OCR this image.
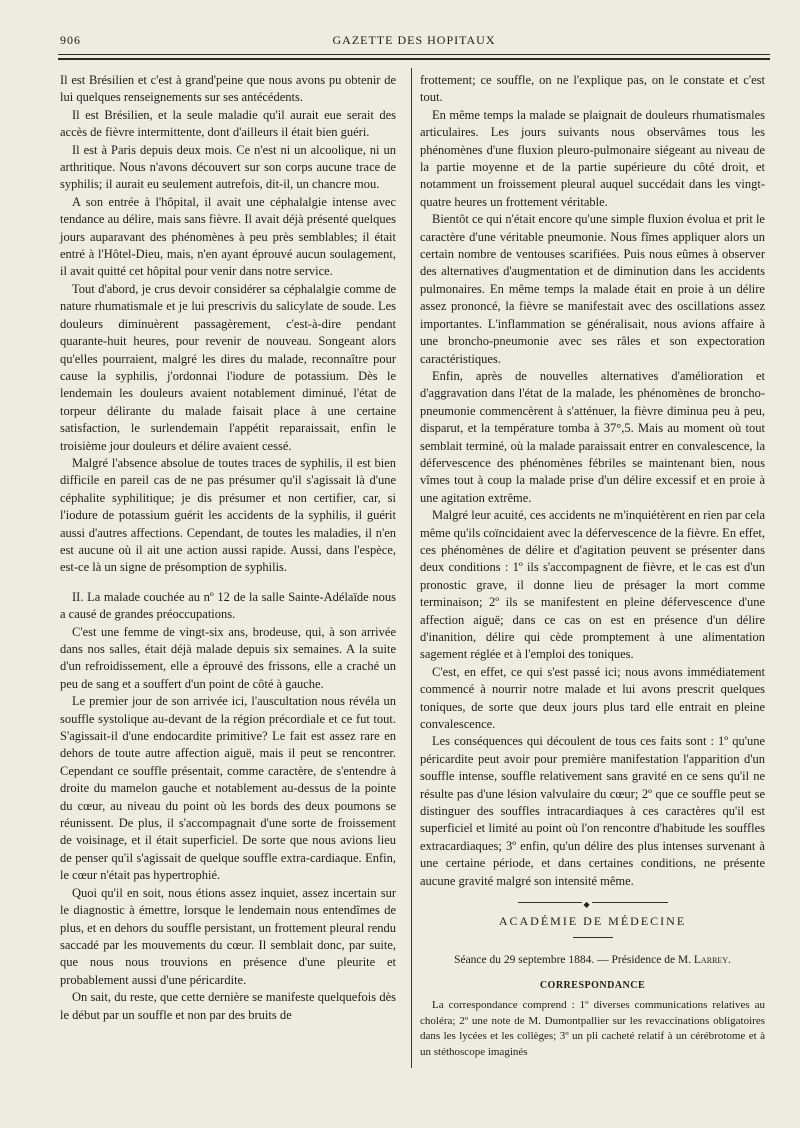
906	GAZETTE DES HOPITAUX

Il est Brésilien et c'est à grand'peine que nous avons pu obtenir de lui quelques renseignements sur ses antécédents.

Il est Brésilien, et la seule maladie qu'il aurait eue serait des accès de fièvre intermittente, dont d'ailleurs il était bien guéri.

Il est à Paris depuis deux mois. Ce n'est ni un alcoolique, ni un arthritique. Nous n'avons découvert sur son corps aucune trace de syphilis; il aurait eu seulement autrefois, dit-il, un chancre mou.

A son entrée à l'hôpital, il avait une céphalalgie intense avec tendance au délire, mais sans fièvre. Il avait déjà présenté quelques jours auparavant des phénomènes à peu près semblables; il était entré à l'Hôtel-Dieu, mais, n'en ayant éprouvé aucun soulagement, il avait quitté cet hôpital pour venir dans notre service.

Tout d'abord, je crus devoir considérer sa céphalalgie comme de nature rhumatismale et je lui prescrivis du salicylate de soude. Les douleurs diminuèrent passagèrement, c'est-à-dire pendant quarante-huit heures, pour revenir de nouveau. Songeant alors qu'elles pourraient, malgré les dires du malade, reconnaître pour cause la syphilis, j'ordonnai l'iodure de potassium. Dès le lendemain les douleurs avaient notablement diminué, l'état de torpeur délirante du malade faisait place à une certaine satisfaction, le surlendemain l'appétit reparaissait, enfin le troisième jour douleurs et délire avaient cessé.

Malgré l'absence absolue de toutes traces de syphilis, il est bien difficile en pareil cas de ne pas présumer qu'il s'agissait là d'une céphalite syphilitique; je dis présumer et non certifier, car, si l'iodure de potassium guérit les accidents de la syphilis, il guérit aussi d'autres affections. Cependant, de toutes les maladies, il n'en est aucune où il ait une action aussi rapide. Aussi, dans l'espèce, est-ce là un signe de présomption de syphilis.

II. La malade couchée au nº 12 de la salle Sainte-Adélaïde nous a causé de grandes préoccupations.

C'est une femme de vingt-six ans, brodeuse, qui, à son arrivée dans nos salles, était déjà malade depuis six semaines. A la suite d'un refroidissement, elle a éprouvé des frissons, elle a craché un peu de sang et a souffert d'un point de côté à gauche.

Le premier jour de son arrivée ici, l'auscultation nous révéla un souffle systolique au-devant de la région précordiale et ce fut tout. S'agissait-il d'une endocardite primitive? Le fait est assez rare en dehors de toute autre affection aiguë, mais il peut se rencontrer. Cependant ce souffle présentait, comme caractère, de s'entendre à droite du mamelon gauche et notablement au-dessus de la pointe du cœur, au niveau du point où les bords des deux poumons se réunissent. De plus, il s'accompagnait d'une sorte de froissement de voisinage, et il était superficiel. De sorte que nous avions lieu de penser qu'il s'agissait de quelque souffle extra-cardiaque. Enfin, le cœur n'était pas hypertrophié.

Quoi qu'il en soit, nous étions assez inquiet, assez incertain sur le diagnostic à émettre, lorsque le lendemain nous entendîmes de plus, et en dehors du souffle persistant, un frottement pleural rendu saccadé par les mouvements du cœur. Il semblait donc, par suite, que nous nous trouvions en présence d'une pleurite et probablement aussi d'une péricardite.

On sait, du reste, que cette dernière se manifeste quelquefois dès le début par un souffle et non par des bruits de

frottement; ce souffle, on ne l'explique pas, on le constate et c'est tout.

En même temps la malade se plaignait de douleurs rhumatismales articulaires. Les jours suivants nous observâmes tous les phénomènes d'une fluxion pleuro-pulmonaire siégeant au niveau de la partie moyenne et de la partie supérieure du côté droit, et notamment un froissement pleural auquel succédait dans les vingt-quatre heures un frottement véritable.

Bientôt ce qui n'était encore qu'une simple fluxion évolua et prit le caractère d'une véritable pneumonie. Nous fîmes appliquer alors un certain nombre de ventouses scarifiées. Puis nous eûmes à observer des alternatives d'augmentation et de diminution dans les accidents pulmonaires. En même temps la malade était en proie à un délire assez prononcé, la fièvre se manifestait avec des oscillations assez importantes. L'inflammation se généralisait, nous avions affaire à une broncho-pneumonie avec ses râles et son expectoration caractéristiques.

Enfin, après de nouvelles alternatives d'amélioration et d'aggravation dans l'état de la malade, les phénomènes de broncho-pneumonie commencèrent à s'atténuer, la fièvre diminua peu à peu, disparut, et la température tomba à 37°,5. Mais au moment où tout semblait terminé, où la malade paraissait entrer en convalescence, la défervescence des phénomènes fébriles se maintenant bien, nous vîmes tout à coup la malade prise d'un délire excessif et en proie à une agitation extrême.

Malgré leur acuité, ces accidents ne m'inquiétèrent en rien par cela même qu'ils coïncidaient avec la défervescence de la fièvre. En effet, ces phénomènes de délire et d'agitation peuvent se présenter dans deux conditions : 1º ils s'accompagnent de fièvre, et le cas est d'un pronostic grave, il donne lieu de présager la mort comme terminaison; 2º ils se manifestent en pleine défervescence d'une affection aiguë; dans ce cas on est en présence d'un délire d'inanition, délire qui cède promptement à une alimentation sagement réglée et à l'emploi des toniques.

C'est, en effet, ce qui s'est passé ici; nous avons immédiatement commencé à nourrir notre malade et lui avons prescrit quelques toniques, de sorte que deux jours plus tard elle entrait en pleine convalescence.

Les conséquences qui découlent de tous ces faits sont : 1º qu'une péricardite peut avoir pour première manifestation l'apparition d'un souffle intense, souffle relativement sans gravité en ce sens qu'il ne résulte pas d'une lésion valvulaire du cœur; 2º que ce souffle peut se distinguer des souffles intracardiaques à ces caractères qu'il est superficiel et limité au point où l'on rencontre d'habitude les souffles extracardiaques; 3º enfin, qu'un délire des plus intenses survenant à une certaine période, et dans certaines conditions, ne présente aucune gravité malgré son intensité même.

◆
ACADÉMIE DE MÉDECINE
Séance du 29 septembre 1884. — Présidence de M. Larrey.
CORRESPONDANCE

La correspondance comprend : 1º diverses communications relatives au choléra; 2º une note de M. Dumontpallier sur les revaccinations obligatoires dans les lycées et les collèges; 3º un pli cacheté relatif à un cérébrotome et à un stéthoscope imaginés
